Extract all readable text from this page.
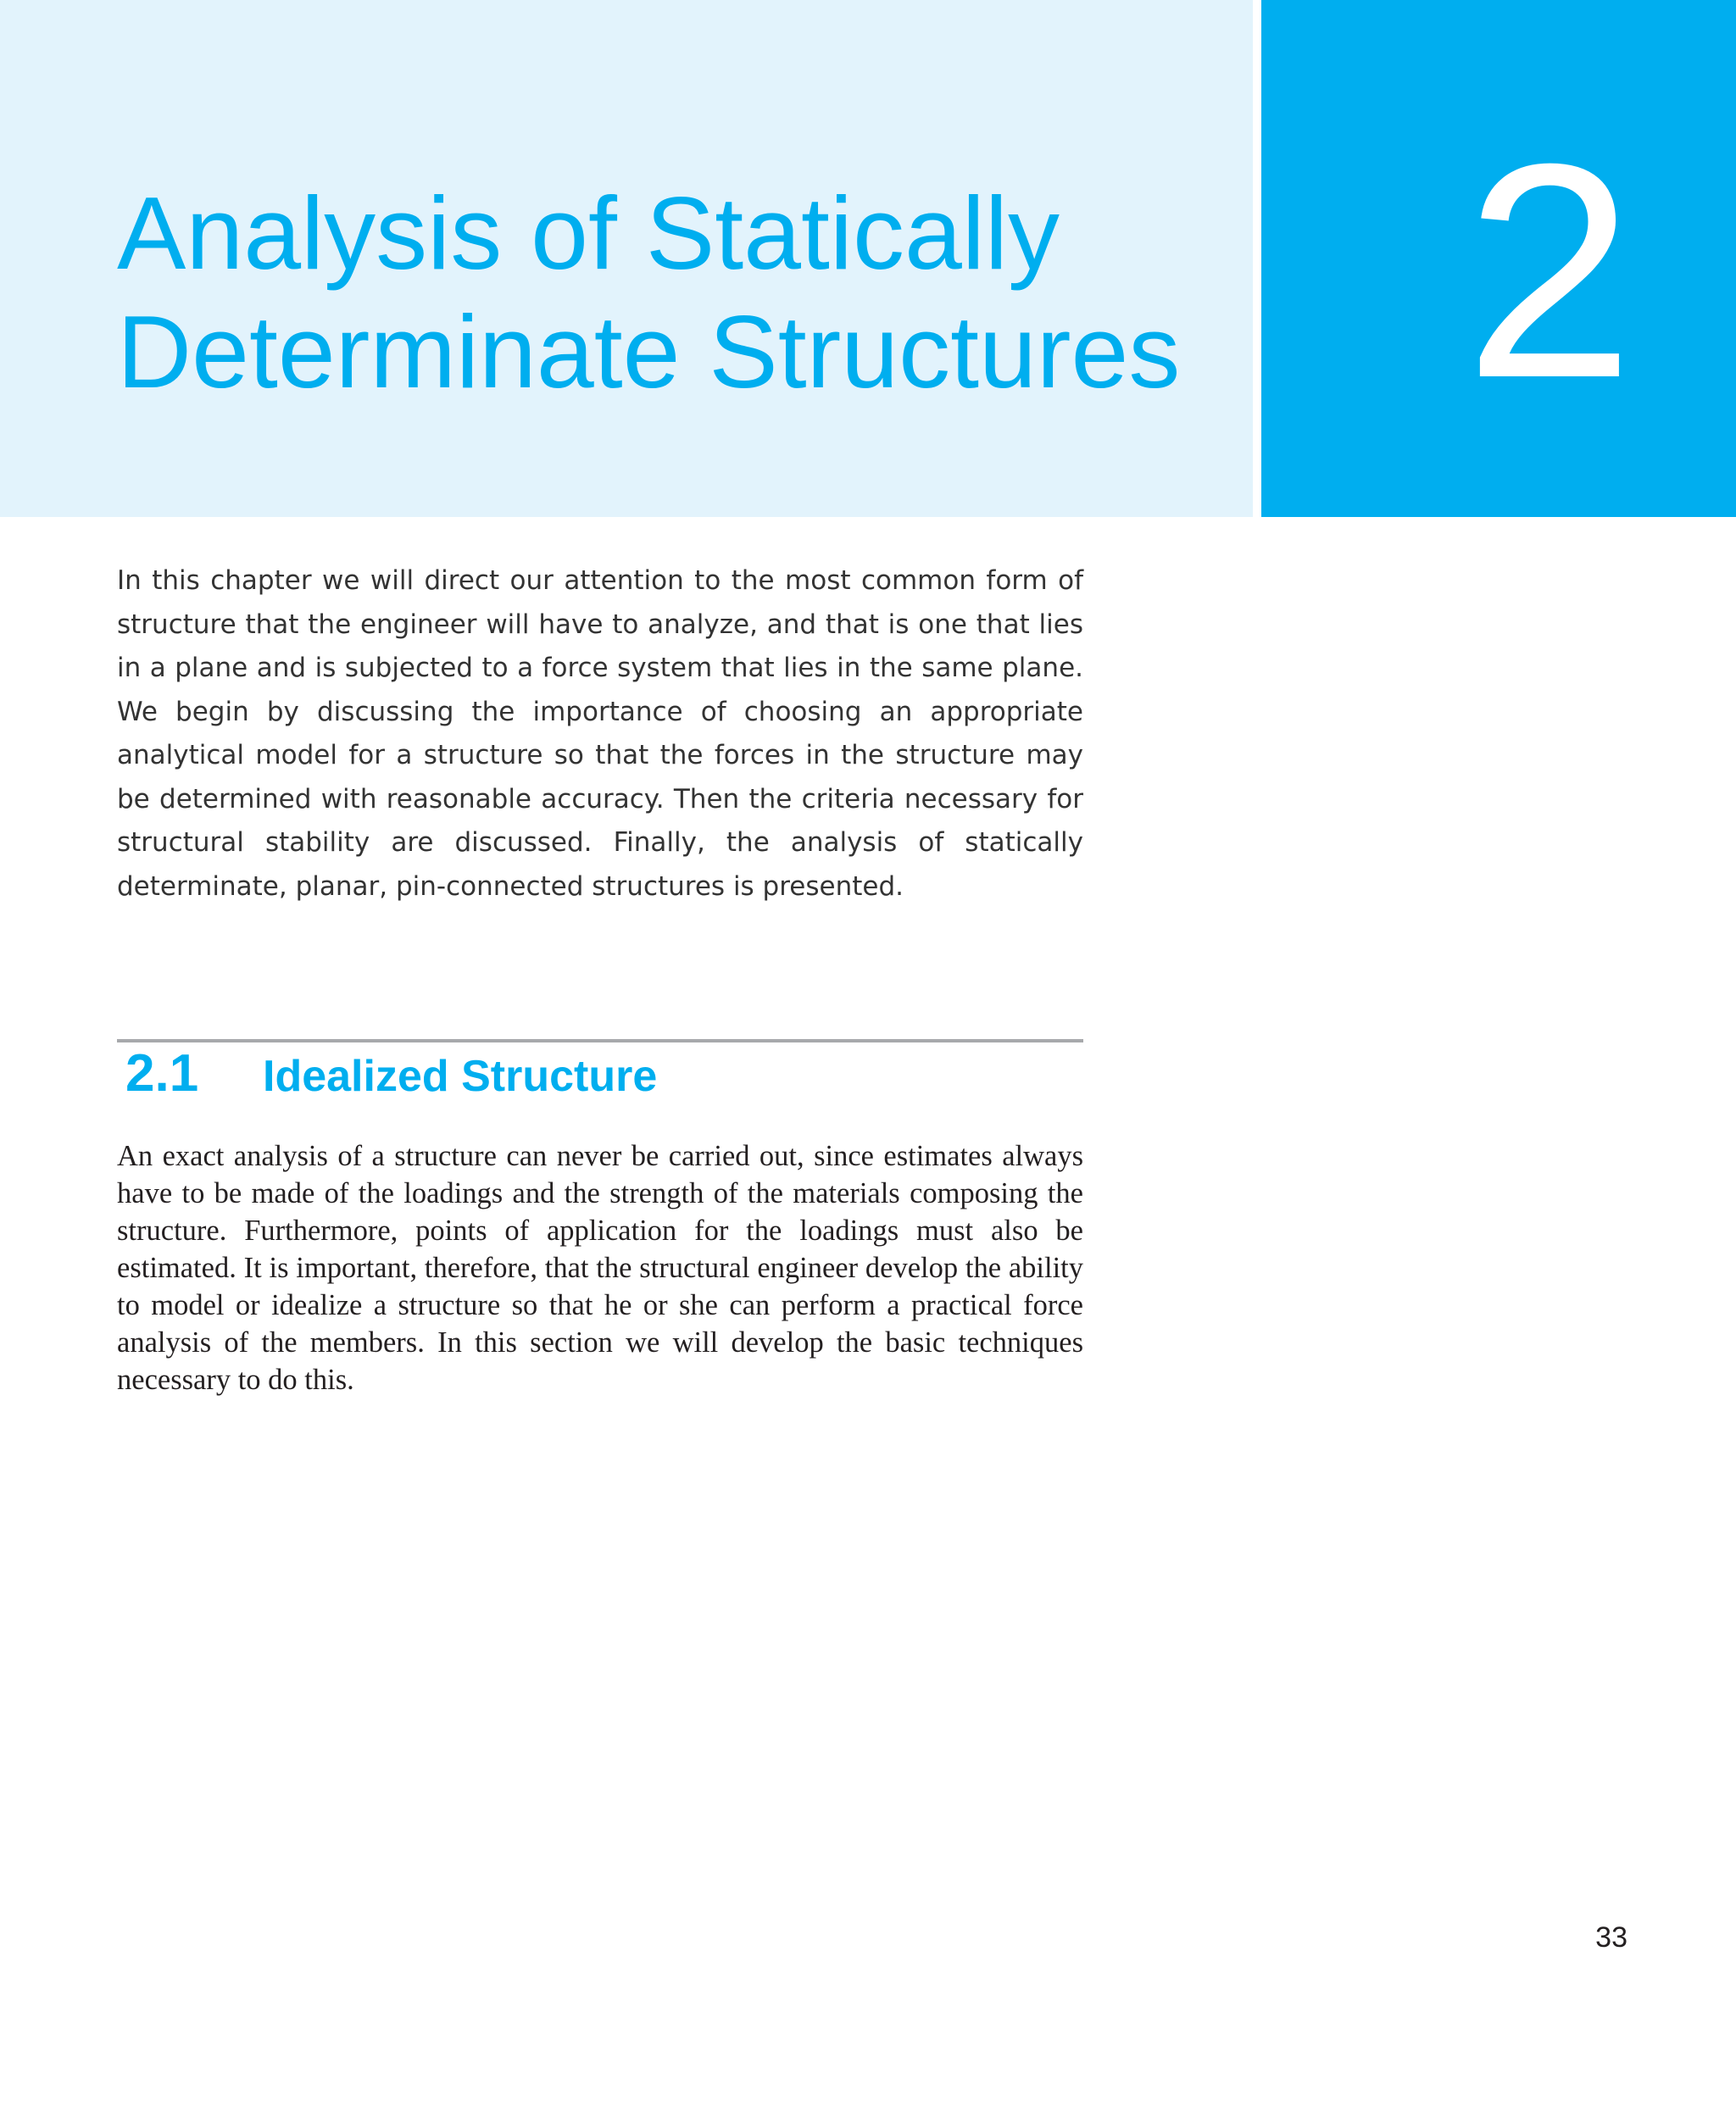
2
Analysis of Statically
Determinate Structures

In this chapter we will direct our attention to the most common form of structure that the engineer will have to analyze, and that is one that lies in a plane and is subjected to a force system that lies in the same plane. We begin by discussing the importance of choosing an appropriate analytical model for a structure so that the forces in the structure may be determined with reasonable accuracy. Then the criteria necessary for structural stability are discussed. Finally, the analysis of statically determinate, planar, pin-connected structures is presented.

2.1 Idealized Structure

An exact analysis of a structure can never be carried out, since estimates always have to be made of the loadings and the strength of the materials composing the structure. Furthermore, points of application for the loadings must also be estimated. It is important, therefore, that the structural engineer develop the ability to model or idealize a structure so that he or she can perform a practical force analysis of the members. In this section we will develop the basic techniques necessary to do this.

33
